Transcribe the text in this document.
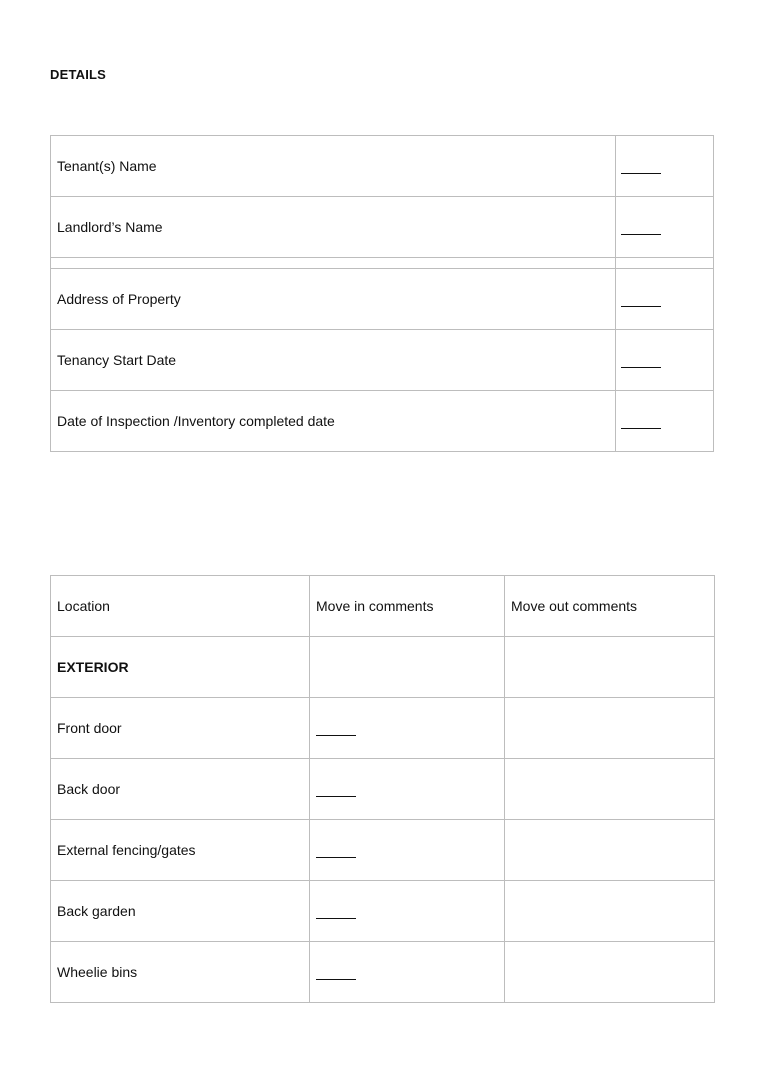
DETAILS
Tenant(s) Name	
Landlord’s Name	

Address of Property	
Tenancy Start Date	
Date of Inspection /Inventory completed date	
Location	Move in comments	Move out comments
EXTERIOR		
Front door		
Back door		
External fencing/gates		
Back garden		
Wheelie bins		
